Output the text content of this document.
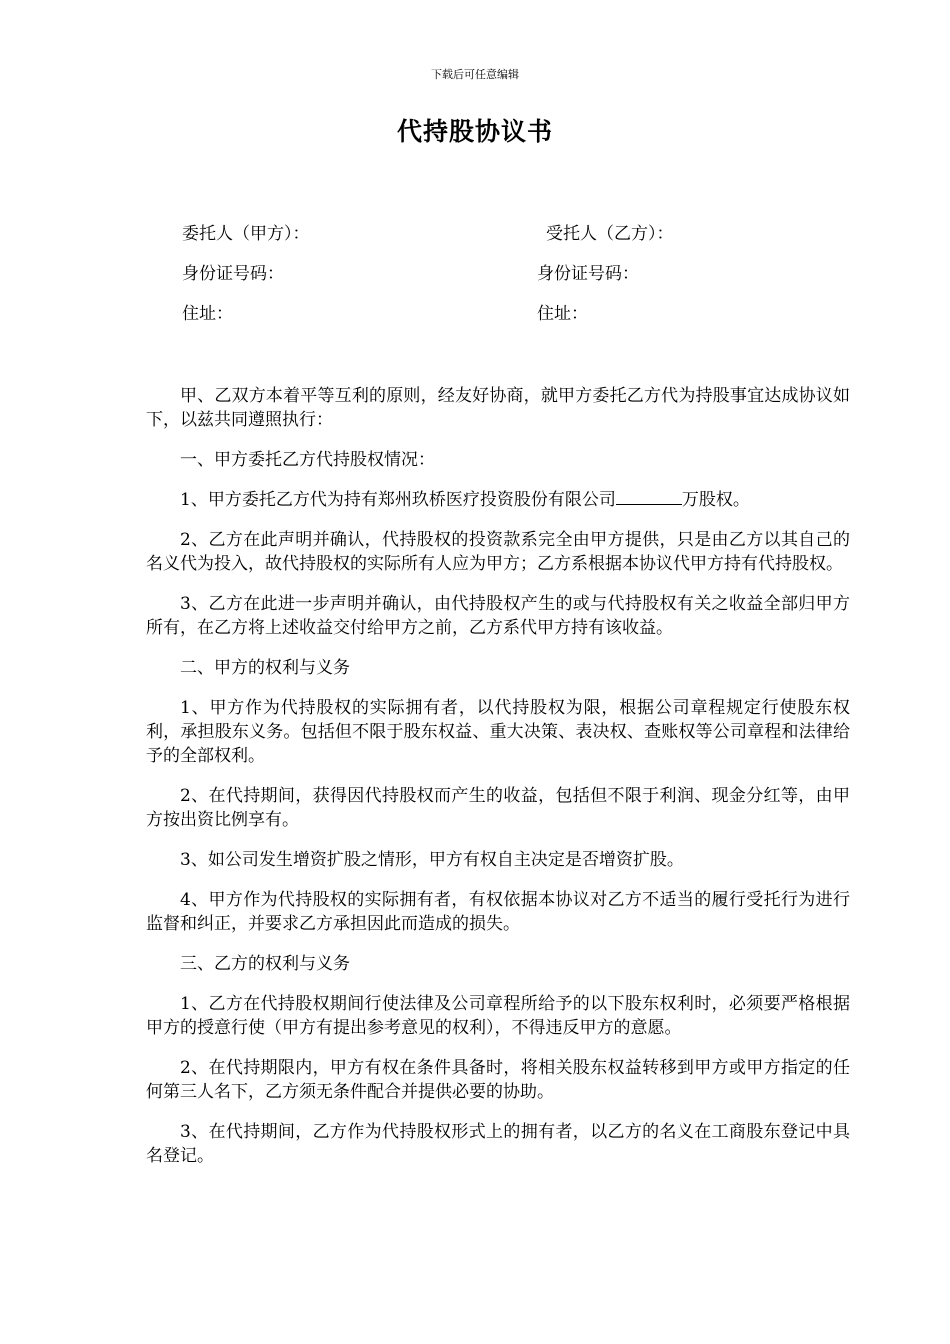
下载后可任意编辑
代持股协议书
委托人（甲方）：	受托人（乙方）：
身份证号码：	身份证号码：
住址：	住址：

甲、乙双方本着平等互利的原则，经友好协商，就甲方委托乙方代为持股事宜达成协议如下，以兹共同遵照执行：

一、甲方委托乙方代持股权情况：

1、甲方委托乙方代为持有郑州玖桥医疗投资股份有限公司	万股权。

2、乙方在此声明并确认，代持股权的投资款系完全由甲方提供，只是由乙方以其自己的名义代为投入，故代持股权的实际所有人应为甲方；乙方系根据本协议代甲方持有代持股权。

3、乙方在此进一步声明并确认，由代持股权产生的或与代持股权有关之收益全部归甲方所有，在乙方将上述收益交付给甲方之前，乙方系代甲方持有该收益。

二、甲方的权利与义务

1、甲方作为代持股权的实际拥有者，以代持股权为限，根据公司章程规定行使股东权利，承担股东义务。包括但不限于股东权益、重大决策、表决权、查账权等公司章程和法律给予的全部权利。

2、在代持期间，获得因代持股权而产生的收益，包括但不限于利润、现金分红等，由甲方按出资比例享有。

3、如公司发生增资扩股之情形，甲方有权自主决定是否增资扩股。

4、甲方作为代持股权的实际拥有者，有权依据本协议对乙方不适当的履行受托行为进行监督和纠正，并要求乙方承担因此而造成的损失。

三、乙方的权利与义务

1、乙方在代持股权期间行使法律及公司章程所给予的以下股东权利时，必须要严格根据甲方的授意行使（甲方有提出参考意见的权利），不得违反甲方的意愿。

2、在代持期限内，甲方有权在条件具备时，将相关股东权益转移到甲方或甲方指定的任何第三人名下，乙方须无条件配合并提供必要的协助。

3、在代持期间，乙方作为代持股权形式上的拥有者，以乙方的名义在工商股东登记中具名登记。
